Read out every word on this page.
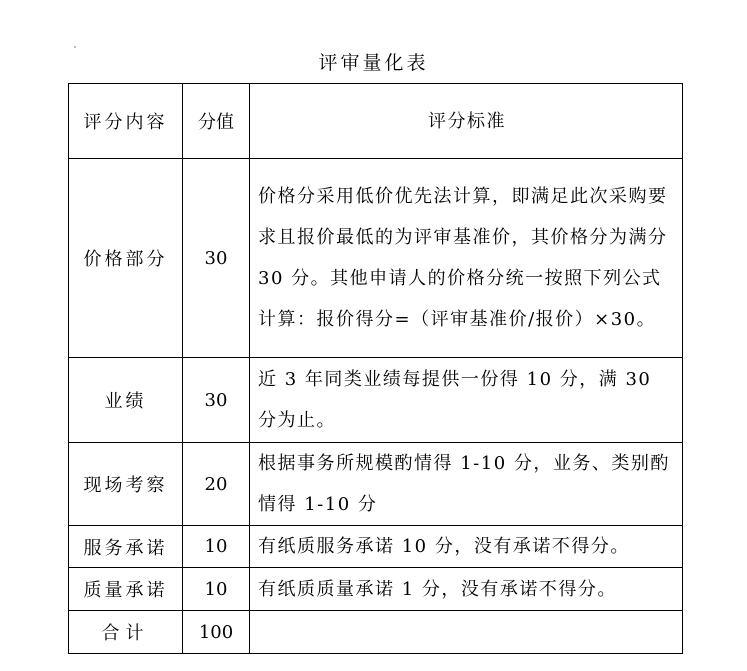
评审量化表
评分内容	分值	评分标准
价格部分	30	价格分采用低价优先法计算，即满足此次采购要求且报价最低的为评审基准价，其价格分为满分 30 分。其他申请人的价格分统一按照下列公式计算：报价得分=（评审基准价/报价）×30。
业绩	30	近 3 年同类业绩每提供一份得 10 分，满 30 分为止。
现场考察	20	根据事务所规模酌情得 1-10 分，业务、类别酌情得 1-10 分
服务承诺	10	有纸质服务承诺 10 分，没有承诺不得分。
质量承诺	10	有纸质质量承诺 1 分，没有承诺不得分。
合计	100	
